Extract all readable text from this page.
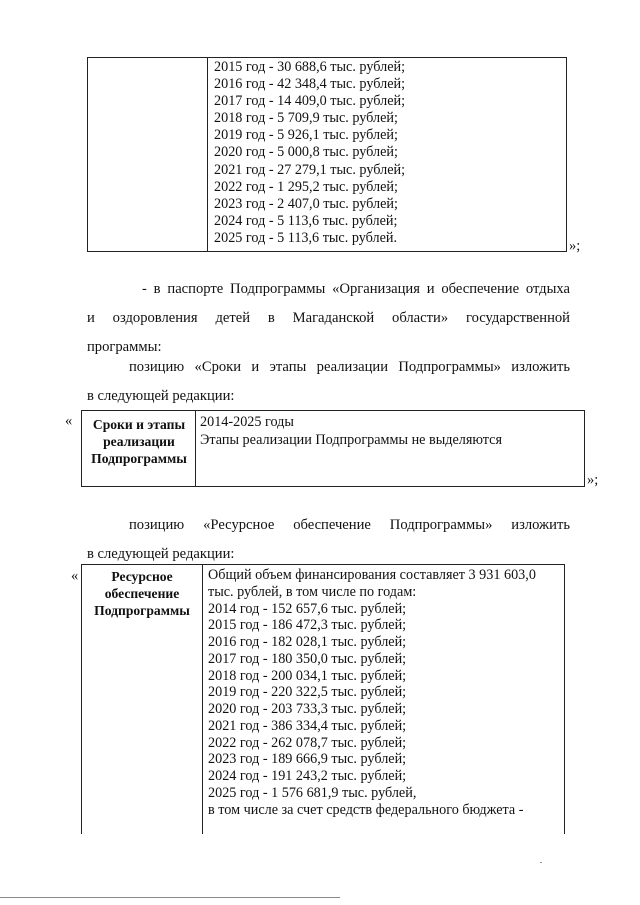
2015 год - 30 688,6 тыс. рублей;
2016 год - 42 348,4 тыс. рублей;
2017 год - 14 409,0 тыс. рублей;
2018 год - 5 709,9 тыс. рублей;
2019 год - 5 926,1 тыс. рублей;
2020 год - 5 000,8 тыс. рублей;
2021 год - 27 279,1 тыс. рублей;
2022 год - 1 295,2 тыс. рублей;
2023 год - 2 407,0 тыс. рублей;
2024 год - 5 113,6 тыс. рублей;
2025 год - 5 113,6 тыс. рублей.
»;

- в паспорте Подпрограммы «Организация и обеспечение отдыха
и оздоровления детей в Магаданской области» государственной
программы:

позицию «Сроки и этапы реализации Подпрограммы» изложить
в следующей редакции:

«	Сроки и этапы реализации Подпрограммы

2014-2025 годы
Этапы реализации Подпрограммы не выделяются
»;

позицию «Ресурсное обеспечение Подпрограммы» изложить
в следующей редакции:

«	Ресурсное обеспечение Подпрограммы

Общий объем финансирования составляет 3 931 603,0
тыс. рублей, в том числе по годам:
2014 год - 152 657,6 тыс. рублей;
2015 год - 186 472,3 тыс. рублей;
2016 год - 182 028,1 тыс. рублей;
2017 год - 180 350,0 тыс. рублей;
2018 год - 200 034,1 тыс. рублей;
2019 год - 220 322,5 тыс. рублей;
2020 год - 203 733,3 тыс. рублей;
2021 год - 386 334,4 тыс. рублей;
2022 год - 262 078,7 тыс. рублей;
2023 год - 189 666,9 тыс. рублей;
2024 год - 191 243,2 тыс. рублей;
2025 год - 1 576 681,9 тыс. рублей,
в том числе за счет средств федерального бюджета -
